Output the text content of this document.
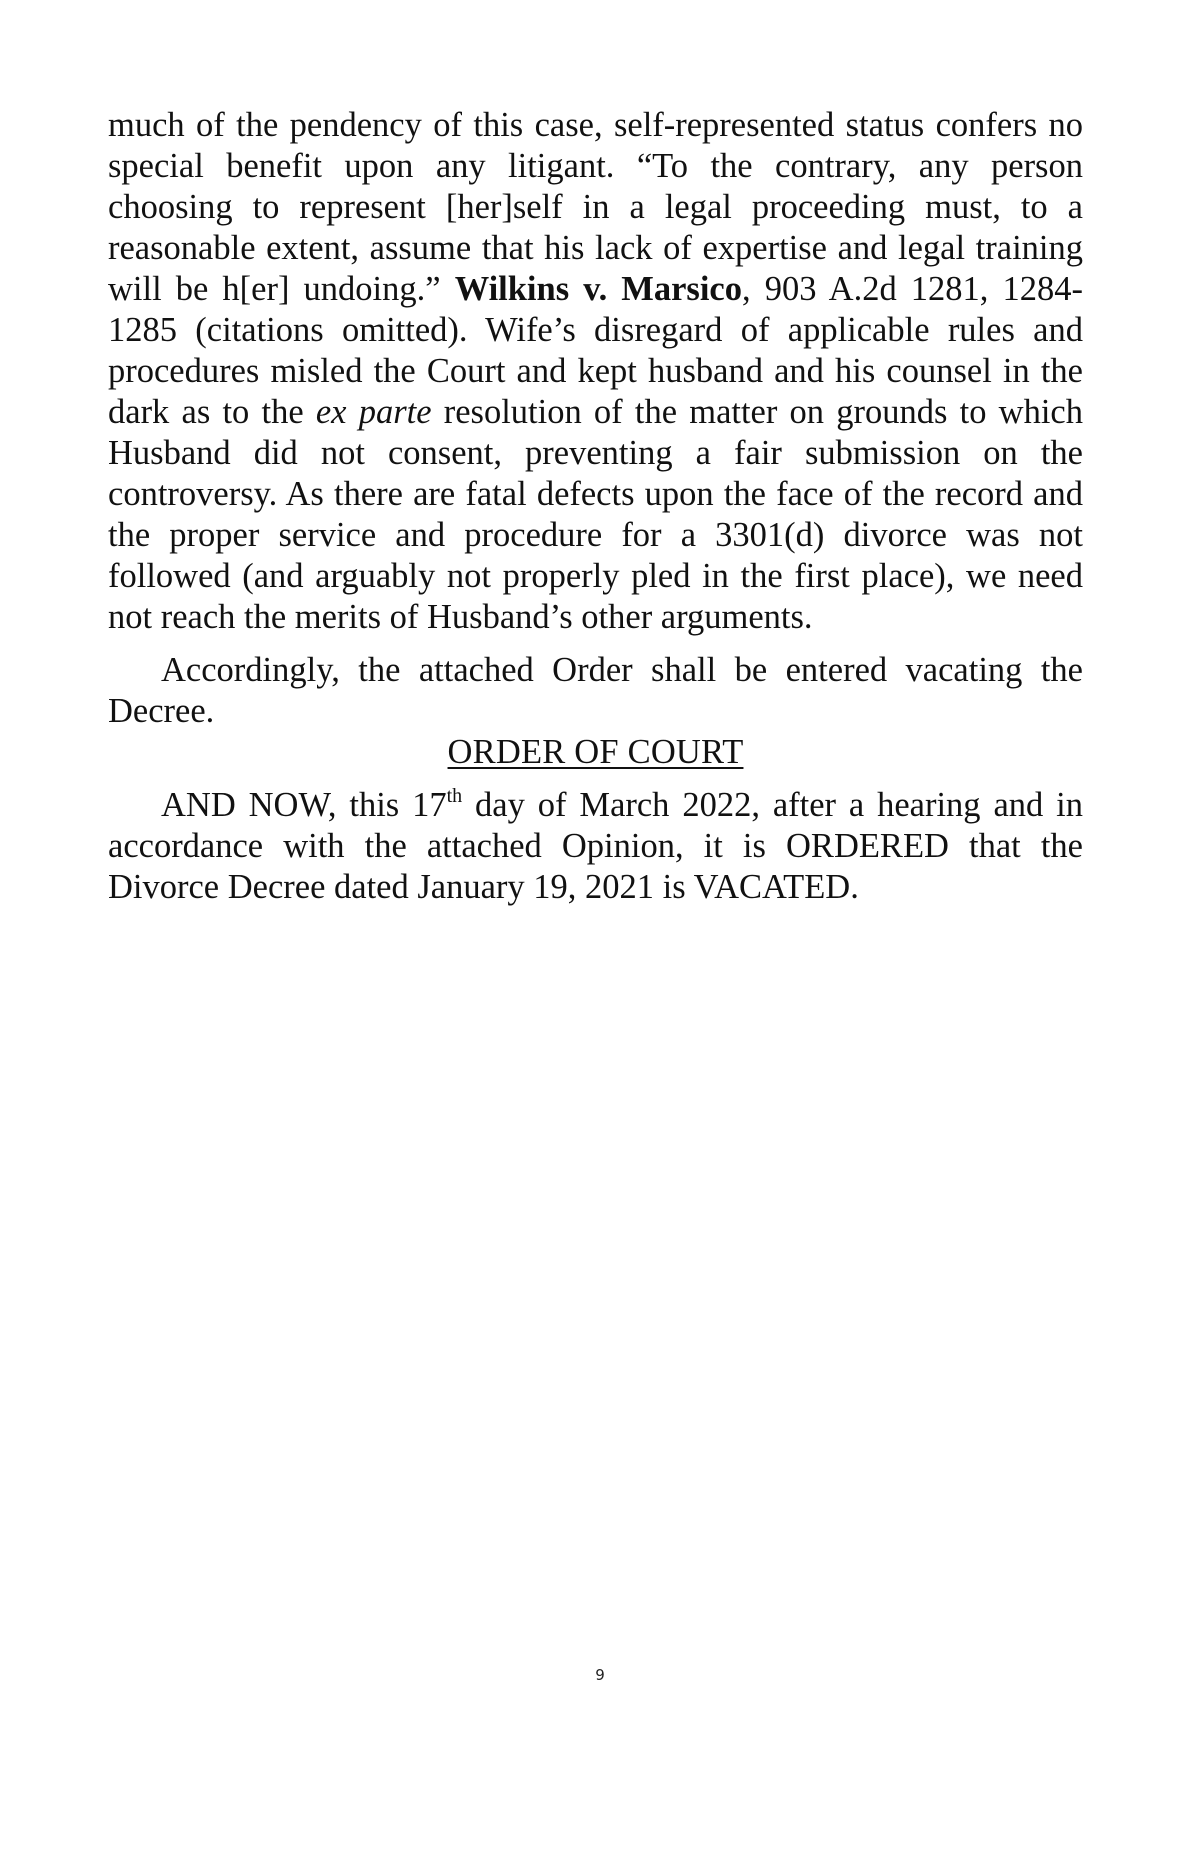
much of the pendency of this case, self-represented status confers no special benefit upon any litigant. “To the contrary, any person choosing to represent [her]self in a legal proceeding must, to a reasonable extent, assume that his lack of expertise and legal training will be h[er] undoing.” Wilkins v. Marsico, 903 A.2d 1281, 1284-1285 (citations omitted). Wife’s disregard of applicable rules and procedures misled the Court and kept husband and his counsel in the dark as to the ex parte resolution of the matter on grounds to which Husband did not consent, preventing a fair submission on the controversy. As there are fatal defects upon the face of the record and the proper service and procedure for a 3301(d) divorce was not followed (and arguably not properly pled in the first place), we need not reach the merits of Husband’s other arguments.

Accordingly, the attached Order shall be entered vacating the Decree.

ORDER OF COURT

AND NOW, this 17th day of March 2022, after a hearing and in accordance with the attached Opinion, it is ORDERED that the Divorce Decree dated January 19, 2021 is VACATED.

9
